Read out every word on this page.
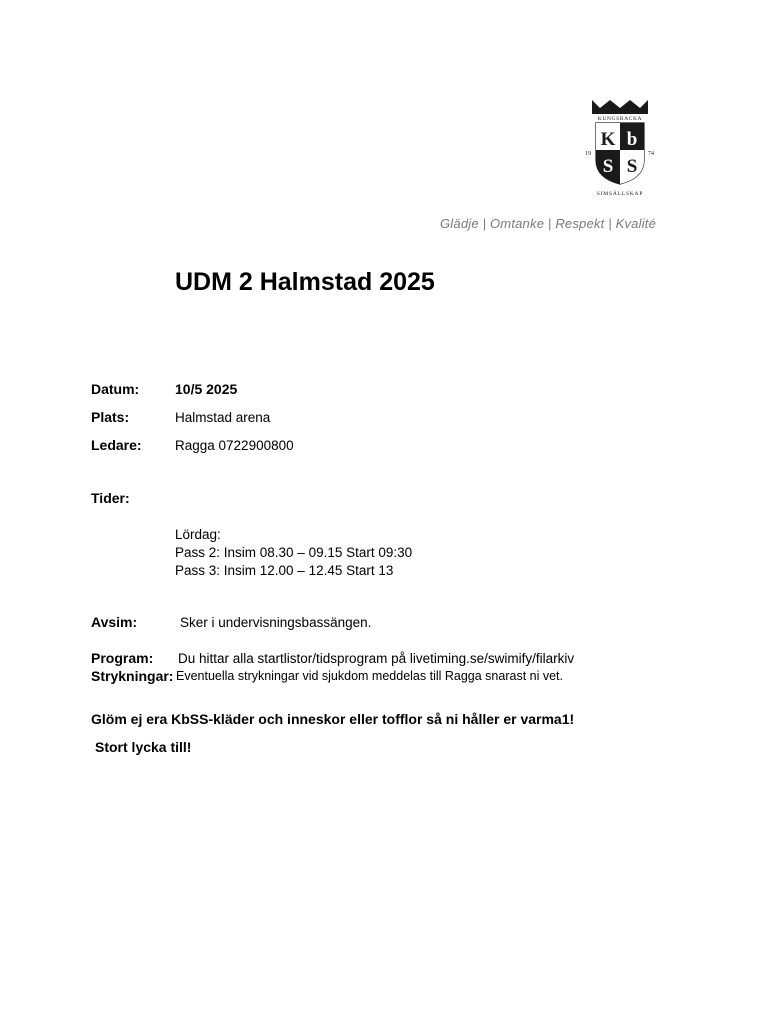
KUNGSBACKA
K b
S S
19	74
SIMSÄLLSKAP
Glädje | Omtanke | Respekt | Kvalité
UDM 2 Halmstad 2025
Datum:	10/5 2025
Plats:	Halmstad arena
Ledare: Ragga 0722900800
Tider:
Lördag:
Pass 2: Insim 08.30 – 09.15 Start 09:30
Pass 3: Insim 12.00 – 12.45 Start 13
Avsim:	Sker i undervisningsbassängen.
Program: Du hittar alla startlistor/tidsprogram på livetiming.se/swimify/filarkiv
Strykningar: Eventuella strykningar vid sjukdom meddelas till Ragga snarast ni vet.
Glöm ej era KbSS-kläder och inneskor eller tofflor så ni håller er varma1!
Stort lycka till!
